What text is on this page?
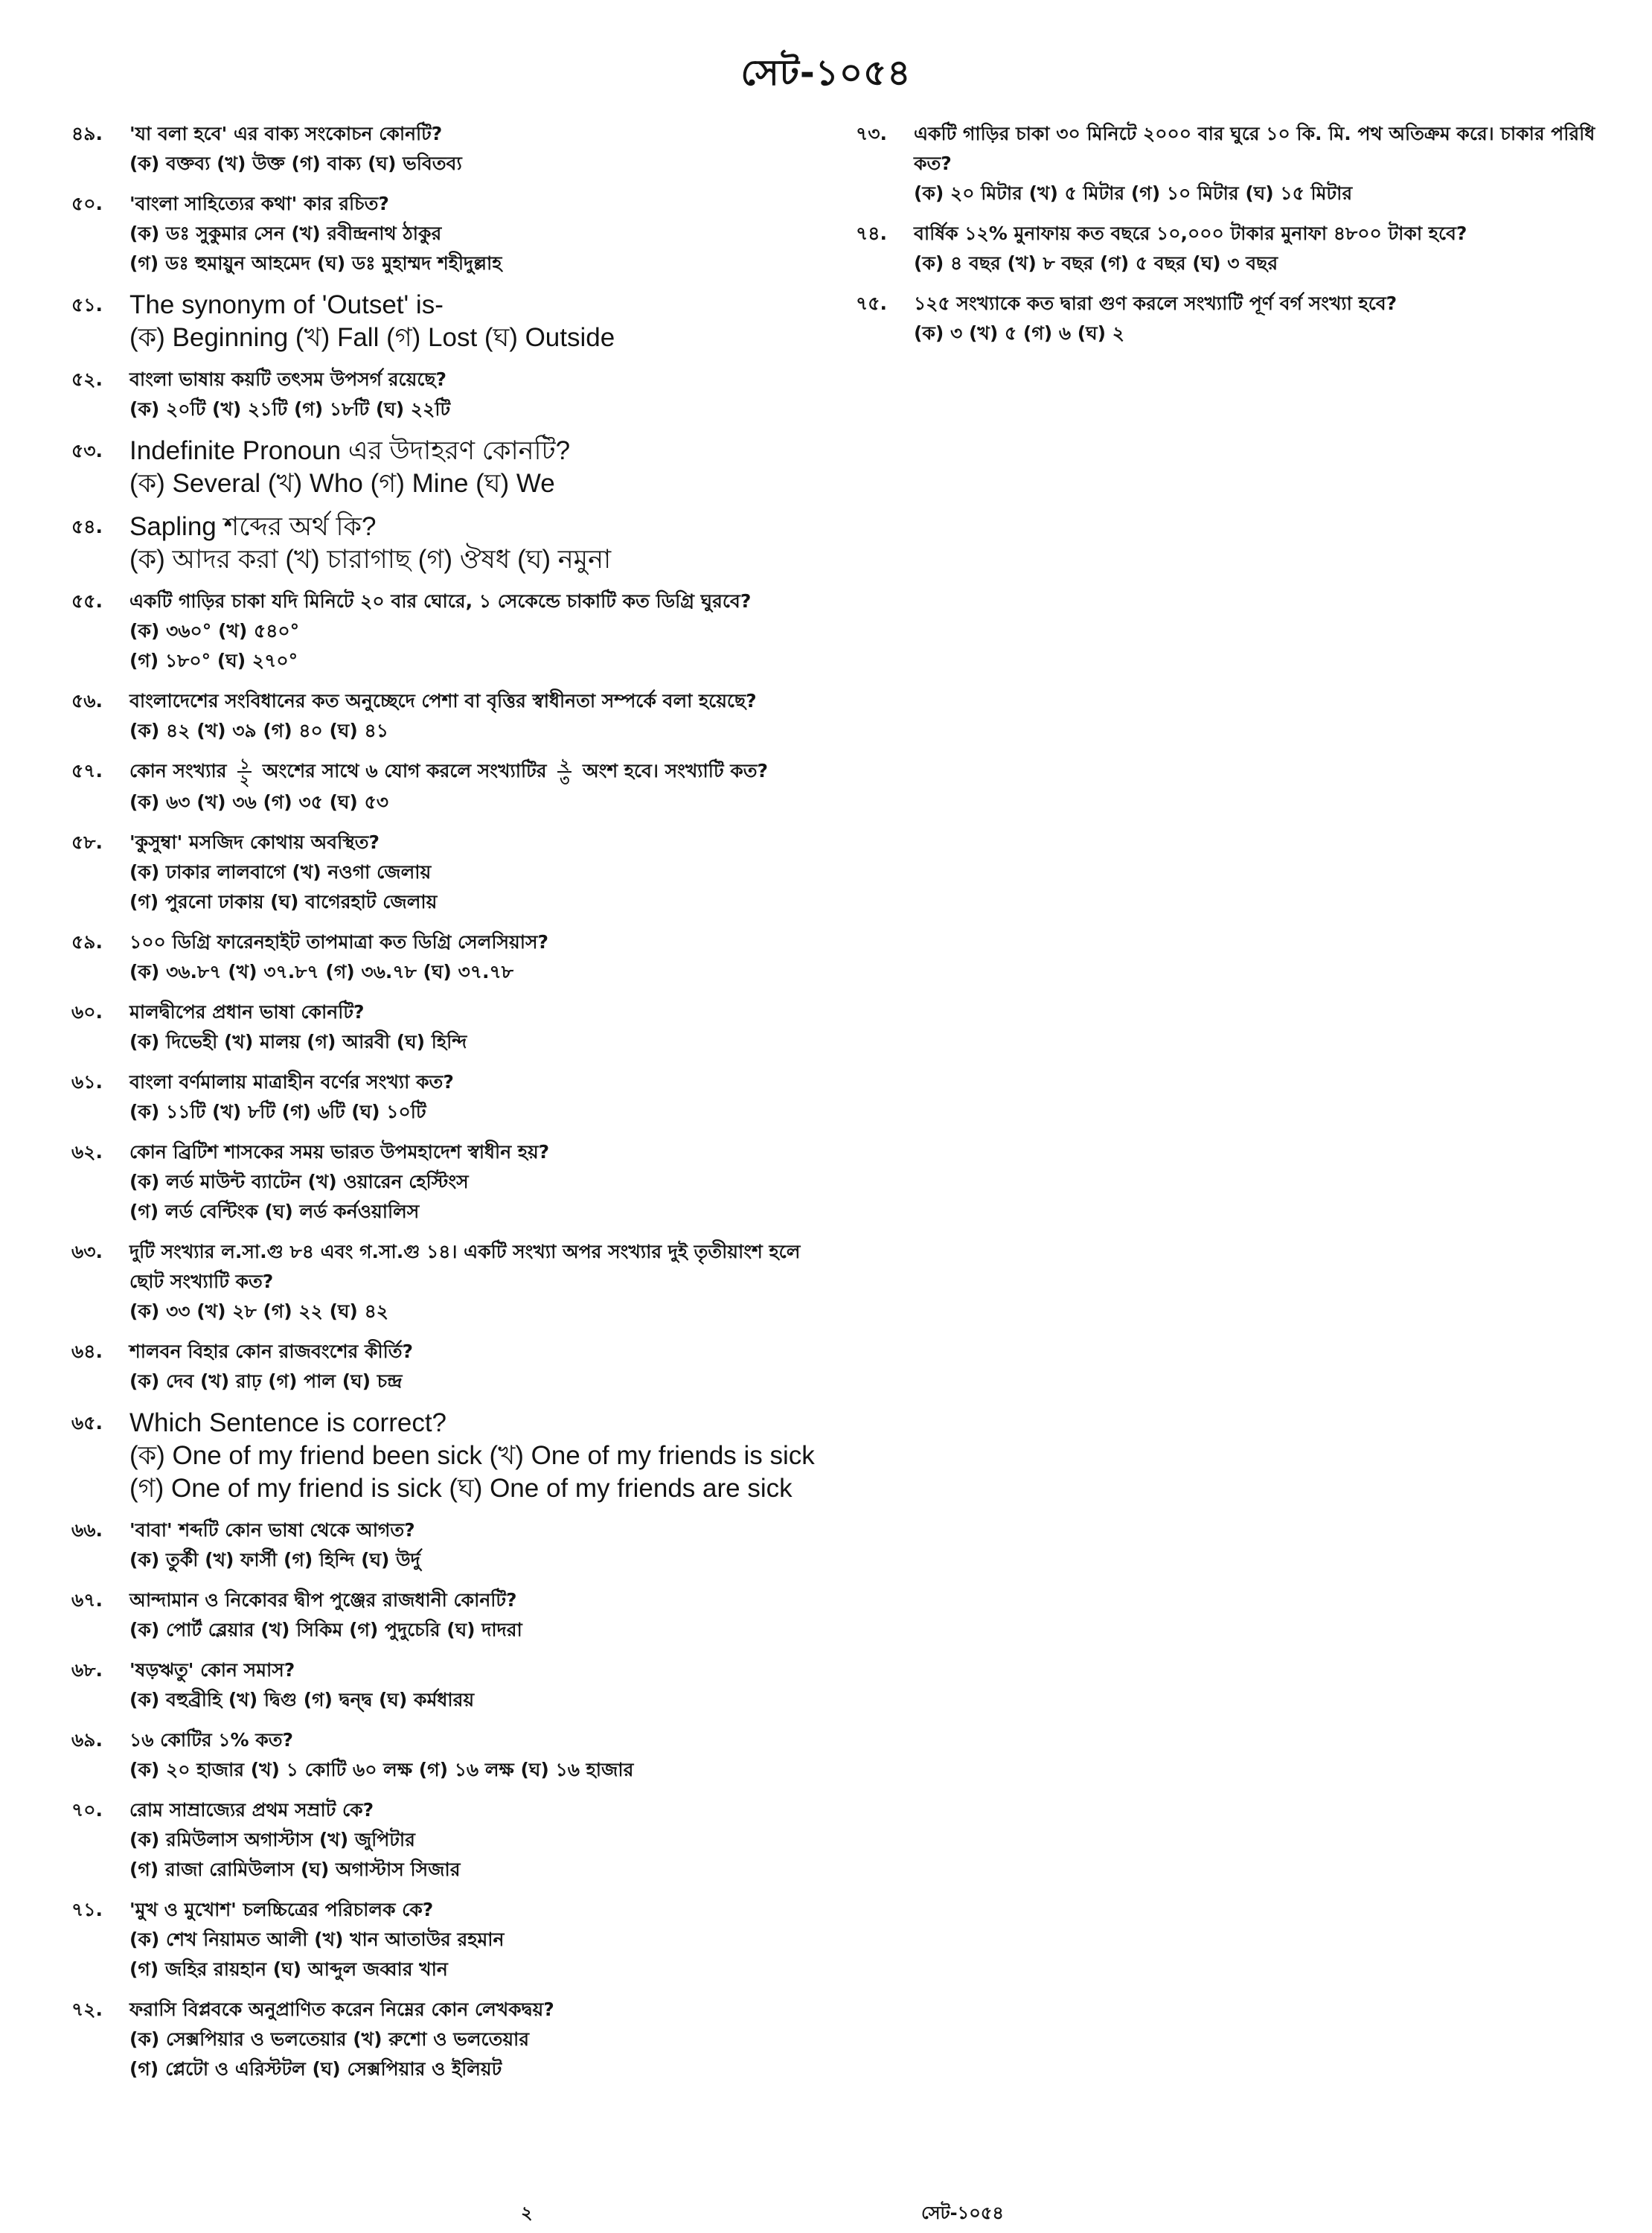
সেট-১০৫৪
৪৯. 'যা বলা হবে' এর বাক্য সংকোচন কোনটি?
(ক) বক্তব্য (খ) উক্ত (গ) বাক্য (ঘ) ভবিতব্য
৫০. 'বাংলা সাহিত্যের কথা' কার রচিত?
(ক) ডঃ সুকুমার সেন (খ) রবীন্দ্রনাথ ঠাকুর
(গ) ডঃ হুমায়ুন আহমেদ (ঘ) ডঃ মুহাম্মদ শহীদুল্লাহ
৫১. The synonym of 'Outset' is-
(ক) Beginning (খ) Fall (গ) Lost (ঘ) Outside
৫২. বাংলা ভাষায় কয়টি তৎসম উপসর্গ রয়েছে?
(ক) ২০টি (খ) ২১টি (গ) ১৮টি (ঘ) ২২টি
৫৩. Indefinite Pronoun এর উদাহরণ কোনটি?
(ক) Several (খ) Who (গ) Mine (ঘ) We
৫৪. Sapling শব্দের অর্থ কি?
(ক) আদর করা (খ) চারাগাছ (গ) ঔষধ (ঘ) নমুনা
৫৫. একটি গাড়ির চাকা যদি মিনিটে ২০ বার ঘোরে, ১ সেকেন্ডে চাকাটি কত ডিগ্রি ঘুরবে?
(ক) ৩৬০° (খ) ৫৪০°
(গ) ১৮০° (ঘ) ২৭০°
৫৬. বাংলাদেশের সংবিধানের কত অনুচ্ছেদে পেশা বা বৃত্তির স্বাধীনতা সম্পর্কে বলা হয়েছে?
(ক) ৪২ (খ) ৩৯ (গ) ৪০ (ঘ) ৪১
৫৭. কোন সংখ্যার $\frac{১}{২}$ অংশের সাথে ৬ যোগ করলে সংখ্যাটির $\frac{২}{৩}$ অংশ হবে। সংখ্যাটি কত?
(ক) ৬৩ (খ) ৩৬ (গ) ৩৫ (ঘ) ৫৩
৫৮. 'কুসুম্বা' মসজিদ কোথায় অবস্থিত?
(ক) ঢাকার লালবাগে (খ) নওগা জেলায়
(গ) পুরনো ঢাকায় (ঘ) বাগেরহাট জেলায়
৫৯. ১০০ ডিগ্রি ফারেনহাইট তাপমাত্রা কত ডিগ্রি সেলসিয়াস?
(ক) ৩৬.৮৭ (খ) ৩৭.৮৭ (গ) ৩৬.৭৮ (ঘ) ৩৭.৭৮
৬০. মালদ্বীপের প্রধান ভাষা কোনটি?
(ক) দিভেহী (খ) মালয় (গ) আরবী (ঘ) হিন্দি
৬১. বাংলা বর্ণমালায় মাত্রাহীন বর্ণের সংখ্যা কত?
(ক) ১১টি (খ) ৮টি (গ) ৬টি (ঘ) ১০টি
৬২. কোন ব্রিটিশ শাসকের সময় ভারত উপমহাদেশ স্বাধীন হয়?
(ক) লর্ড মাউন্ট ব্যাটেন (খ) ওয়ারেন হেস্টিংস
(গ) লর্ড বেন্টিংক (ঘ) লর্ড কর্নওয়ালিস
৬৩. দুটি সংখ্যার ল.সা.গু ৮৪ এবং গ.সা.গু ১৪। একটি সংখ্যা অপর সংখ্যার দুই তৃতীয়াংশ হলে ছোট সংখ্যাটি কত?
(ক) ৩৩ (খ) ২৮ (গ) ২২ (ঘ) ৪২
৬৪. শালবন বিহার কোন রাজবংশের কীর্তি?
(ক) দেব (খ) রাঢ় (গ) পাল (ঘ) চন্দ্র
৬৫. Which Sentence is correct?
(ক) One of my friend been sick (খ) One of my friends is sick
(গ) One of my friend is sick (ঘ) One of my friends are sick
৬৬. 'বাবা' শব্দটি কোন ভাষা থেকে আগত?
(ক) তুর্কী (খ) ফার্সী (গ) হিন্দি (ঘ) উর্দু
৬৭. আন্দামান ও নিকোবর দ্বীপ পুঞ্জের রাজধানী কোনটি?
(ক) পোর্ট ব্লেয়ার (খ) সিকিম (গ) পুদুচেরি (ঘ) দাদরা
৬৮. 'ষড়ঋতু' কোন সমাস?
(ক) বহুব্রীহি (খ) দ্বিগু (গ) দ্বন্দ্ব (ঘ) কর্মধারয়
৬৯. ১৬ কোটির ১% কত?
(ক) ২০ হাজার (খ) ১ কোটি ৬০ লক্ষ (গ) ১৬ লক্ষ (ঘ) ১৬ হাজার
৭০. রোম সাম্রাজ্যের প্রথম সম্রাট কে?
(ক) রমিউলাস অগাস্টাস (খ) জুপিটার
(গ) রাজা রোমিউলাস (ঘ) অগাস্টাস সিজার
৭১. 'মুখ ও মুখোশ' চলচ্চিত্রের পরিচালক কে?
(ক) শেখ নিয়ামত আলী (খ) খান আতাউর রহমান
(গ) জহির রায়হান (ঘ) আব্দুল জব্বার খান
৭২. ফরাসি বিপ্লবকে অনুপ্রাণিত করেন নিম্নের কোন লেখকদ্বয়?
(ক) সেক্সপিয়ার ও ভলতেয়ার (খ) রুশো ও ভলতেয়ার
(গ) প্লেটো ও এরিস্টটল (ঘ) সেক্সপিয়ার ও ইলিয়ট
৭৩. একটি গাড়ির চাকা ৩০ মিনিটে ২০০০ বার ঘুরে ১০ কি. মি. পথ অতিক্রম করে। চাকার পরিধি কত?
(ক) ২০ মিটার (খ) ৫ মিটার (গ) ১০ মিটার (ঘ) ১৫ মিটার
৭৪. বার্ষিক ১২% মুনাফায় কত বছরে ১০,০০০ টাকার মুনাফা ৪৮০০ টাকা হবে?
(ক) ৪ বছর (খ) ৮ বছর (গ) ৫ বছর (ঘ) ৩ বছর
৭৫. ১২৫ সংখ্যাকে কত দ্বারা গুণ করলে সংখ্যাটি পূর্ণ বর্গ সংখ্যা হবে?
(ক) ৩ (খ) ৫ (গ) ৬ (ঘ) ২
২	সেট-১০৫৪
